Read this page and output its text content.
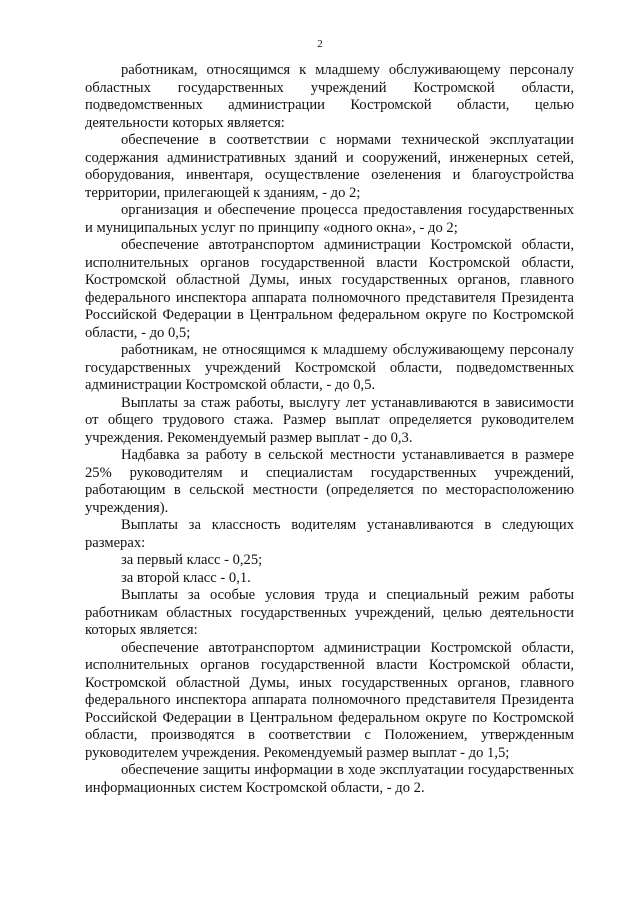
2

работникам, относящимся к младшему обслуживающему персоналу областных государственных учреждений Костромской области, подведомственных администрации Костромской области, целью деятельности которых является:

обеспечение в соответствии с нормами технической эксплуатации содержания административных зданий и сооружений, инженерных сетей, оборудования, инвентаря, осуществление озеленения и благоустройства территории, прилегающей к зданиям, - до 2;

организация и обеспечение процесса предоставления государственных и муниципальных услуг по принципу «одного окна», - до 2;

обеспечение автотранспортом администрации Костромской области, исполнительных органов государственной власти Костромской области, Костромской областной Думы, иных государственных органов, главного федерального инспектора аппарата полномочного представителя Президента Российской Федерации в Центральном федеральном округе по Костромской области, - до 0,5;

работникам, не относящимся к младшему обслуживающему персоналу государственных учреждений Костромской области, подведомственных администрации Костромской области, - до 0,5.

Выплаты за стаж работы, выслугу лет устанавливаются в зависимости от общего трудового стажа. Размер выплат определяется руководителем учреждения. Рекомендуемый размер выплат - до 0,3.

Надбавка за работу в сельской местности устанавливается в размере 25% руководителям и специалистам государственных учреждений, работающим в сельской местности (определяется по месторасположению учреждения).

Выплаты за классность водителям устанавливаются в следующих размерах:

за первый класс - 0,25;

за второй класс - 0,1.

Выплаты за особые условия труда и специальный режим работы работникам областных государственных учреждений, целью деятельности которых является:

обеспечение автотранспортом администрации Костромской области, исполнительных органов государственной власти Костромской области, Костромской областной Думы, иных государственных органов, главного федерального инспектора аппарата полномочного представителя Президента Российской Федерации в Центральном федеральном округе по Костромской области, производятся в соответствии с Положением, утвержденным руководителем учреждения. Рекомендуемый размер выплат - до 1,5;

обеспечение защиты информации в ходе эксплуатации государственных информационных систем Костромской области, - до 2.
